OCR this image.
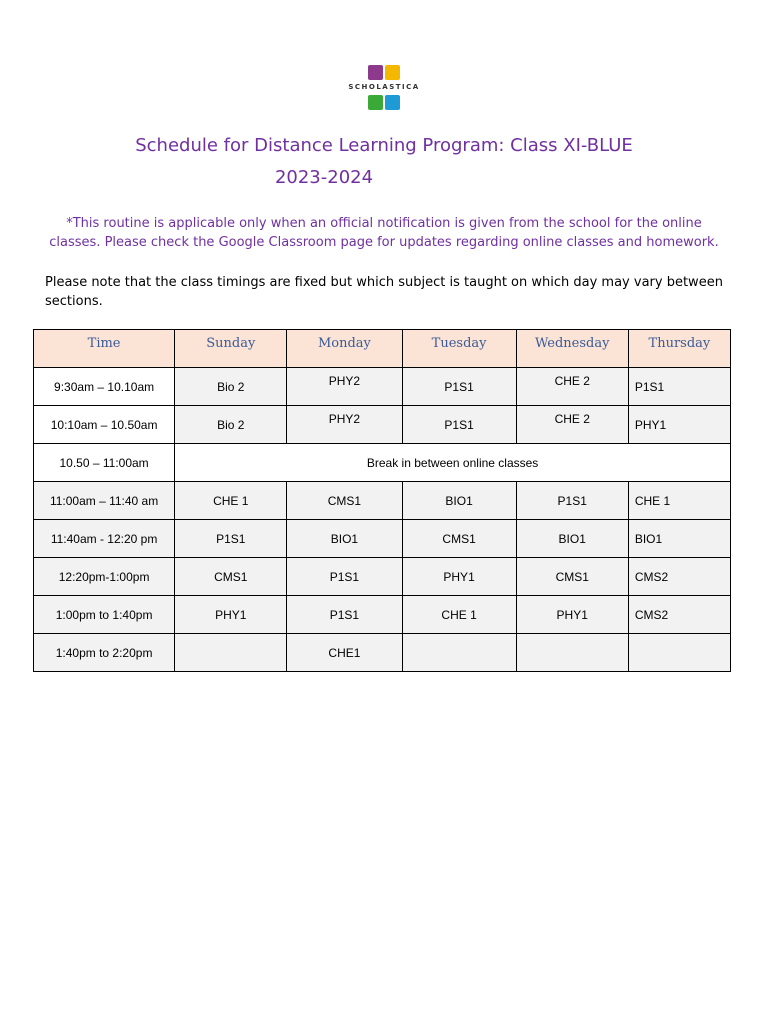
SCHOLASTICA
Schedule for Distance Learning Program: Class XI-BLUE
2023-2024
*This routine is applicable only when an official notification is given from the school for the online classes. Please check the Google Classroom page for updates regarding online classes and homework.
Please note that the class timings are fixed but which subject is taught on which day may vary between sections.
Time	Sunday	Monday	Tuesday	Wednesday	Thursday
9:30am – 10.10am	Bio 2	PHY2	P1S1	CHE 2	P1S1
10:10am – 10.50am	Bio 2	PHY2	P1S1	CHE 2	PHY1
10.50 – 11:00am	Break in between online classes				
11:00am – 11:40 am	CHE 1	CMS1	BIO1	P1S1	CHE 1
11:40am - 12:20 pm	P1S1	BIO1	CMS1	BIO1	BIO1
12:20pm-1:00pm	CMS1	P1S1	PHY1	CMS1	CMS2
1:00pm to 1:40pm	PHY1	P1S1	CHE 1	PHY1	CMS2
1:40pm to 2:20pm		CHE1			
